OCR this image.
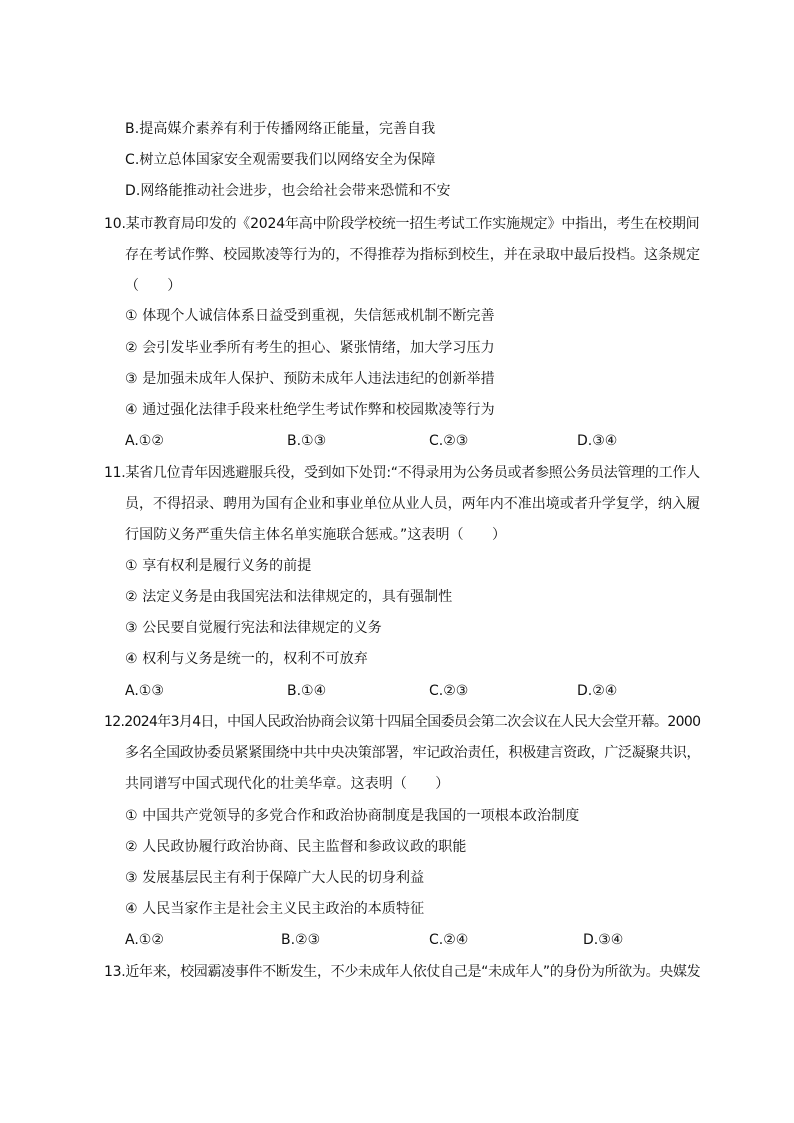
B.提高媒介素养有利于传播网络正能量，完善自我
C.树立总体国家安全观需要我们以网络安全为保障
D.网络能推动社会进步，也会给社会带来恐慌和不安
10.某市教育局印发的《2024年高中阶段学校统一招生考试工作实施规定》中指出，考生在校期间
存在考试作弊、校园欺凌等行为的，不得推荐为指标到校生，并在录取中最后投档。这条规定
（　　）
① 体现个人诚信体系日益受到重视，失信惩戒机制不断完善
② 会引发毕业季所有考生的担心、紧张情绪，加大学习压力
③ 是加强未成年人保护、预防未成年人违法违纪的创新举措
④ 通过强化法律手段来杜绝学生考试作弊和校园欺凌等行为
A.①②	B.①③	C.②③	D.③④
11.某省几位青年因逃避服兵役，受到如下处罚:“不得录用为公务员或者参照公务员法管理的工作人
员，不得招录、聘用为国有企业和事业单位从业人员，两年内不准出境或者升学复学，纳入履
行国防义务严重失信主体名单实施联合惩戒。”这表明（　　）
① 享有权利是履行义务的前提
② 法定义务是由我国宪法和法律规定的，具有强制性
③ 公民要自觉履行宪法和法律规定的义务
④ 权利与义务是统一的，权利不可放弃
A.①③	B.①④	C.②③	D.②④
12.2024年3月4日，中国人民政治协商会议第十四届全国委员会第二次会议在人民大会堂开幕。2000
多名全国政协委员紧紧围绕中共中央决策部署，牢记政治责任，积极建言资政，广泛凝聚共识，
共同谱写中国式现代化的壮美华章。这表明（　　）
① 中国共产党领导的多党合作和政治协商制度是我国的一项根本政治制度
② 人民政协履行政治协商、民主监督和参政议政的职能
③ 发展基层民主有利于保障广大人民的切身利益
④ 人民当家作主是社会主义民主政治的本质特征
A.①②	B.②③	C.②④	D.③④
13.近年来，校园霸凌事件不断发生，不少未成年人依仗自己是“未成年人”的身份为所欲为。央媒发
